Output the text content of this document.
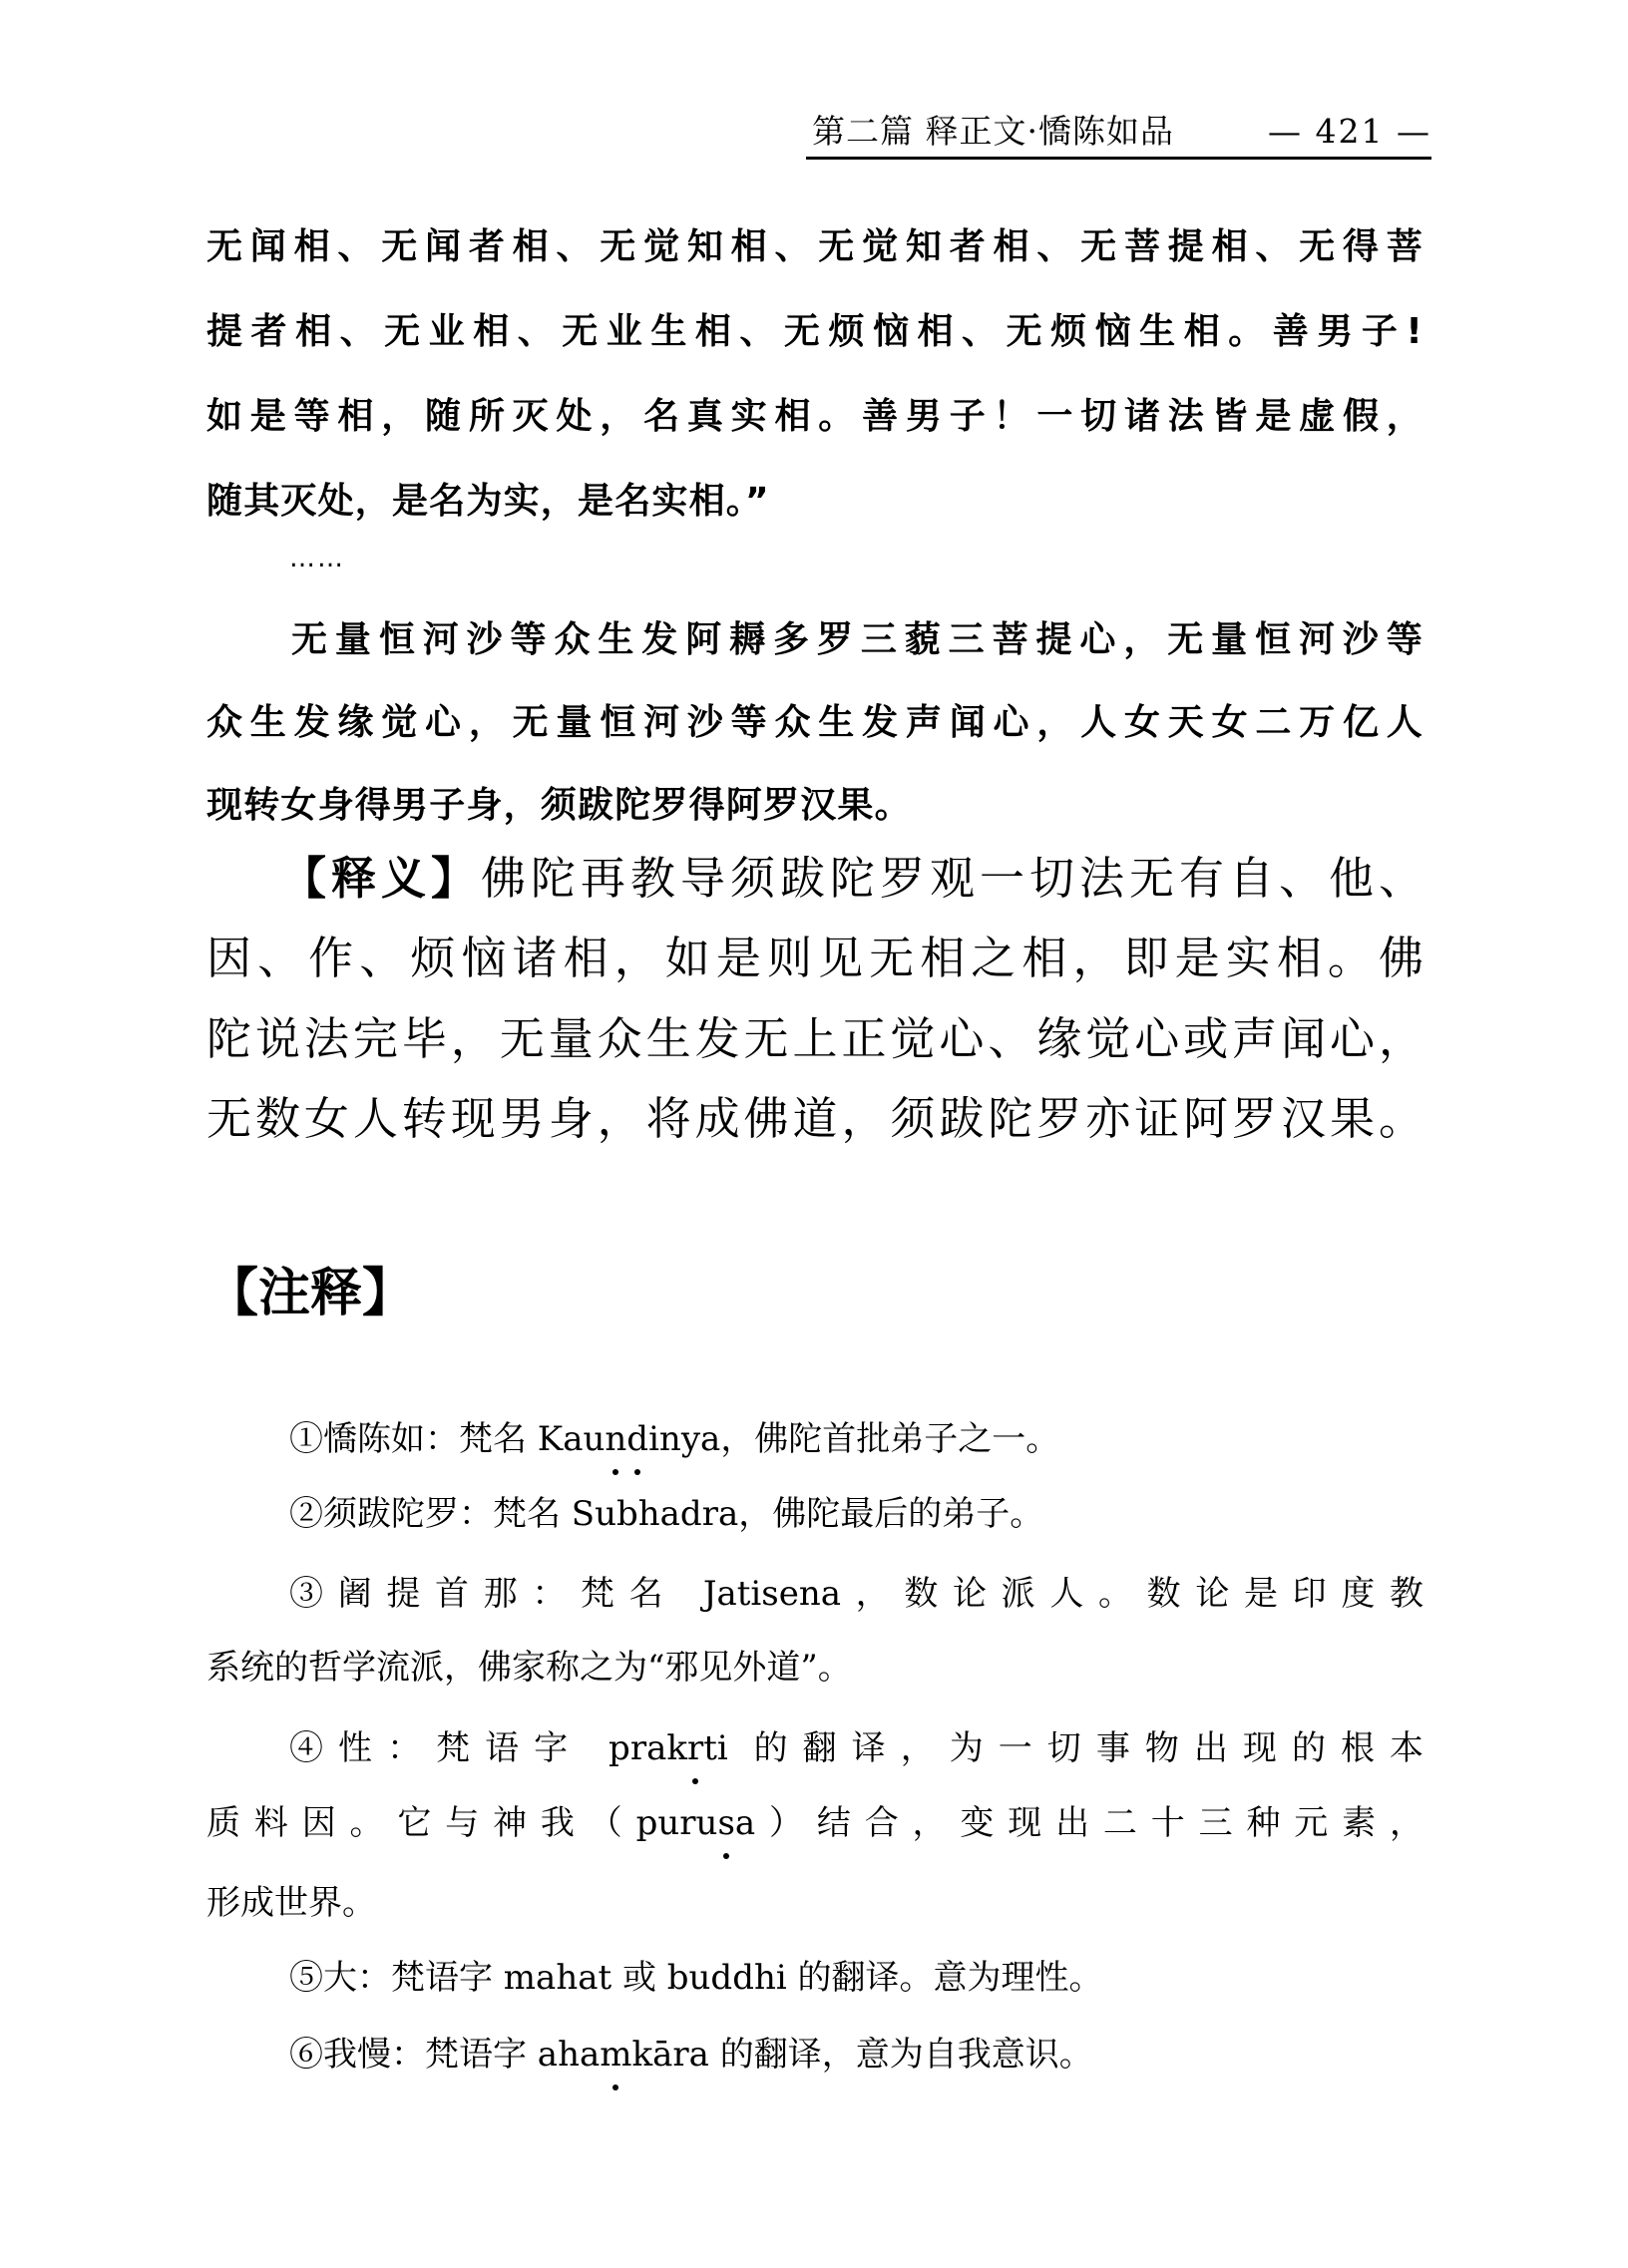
第二篇 释正文·憍陈如品	— 421 —
无闻相、无闻者相、无觉知相、无觉知者相、无菩提相、无得菩
提者相、无业相、无业生相、无烦恼相、无烦恼生相。善男子!
如是等相，随所灭处，名真实相。善男子！一切诸法皆是虚假，
随其灭处，是名为实，是名实相。”
……
无量恒河沙等众生发阿耨多罗三藐三菩提心，无量恒河沙等
众生发缘觉心，无量恒河沙等众生发声闻心，人女天女二万亿人
现转女身得男子身，须跋陀罗得阿罗汉果。
【释义】佛陀再教导须跋陀罗观一切法无有自、他、
因、作、烦恼诸相，如是则见无相之相，即是实相。佛
陀说法完毕，无量众生发无上正觉心、缘觉心或声闻心，
无数女人转现男身，将成佛道，须跋陀罗亦证阿罗汉果。
【注释】
①憍陈如：梵名 Kaundinya，佛陀首批弟子之一。
②须跋陀罗：梵名 Subhadra，佛陀最后的弟子。
③阇提首那：梵名 Jatisena，数论派人。数论是印度教
系统的哲学流派，佛家称之为“邪见外道”。
④性：梵语字 prakrti 的翻译，为一切事物出现的根本
质料因。它与神我（purusa）结合，变现出二十三种元素，
形成世界。
⑤大：梵语字 mahat 或 buddhi 的翻译。意为理性。
⑥我慢：梵语字 ahamkāra 的翻译，意为自我意识。
